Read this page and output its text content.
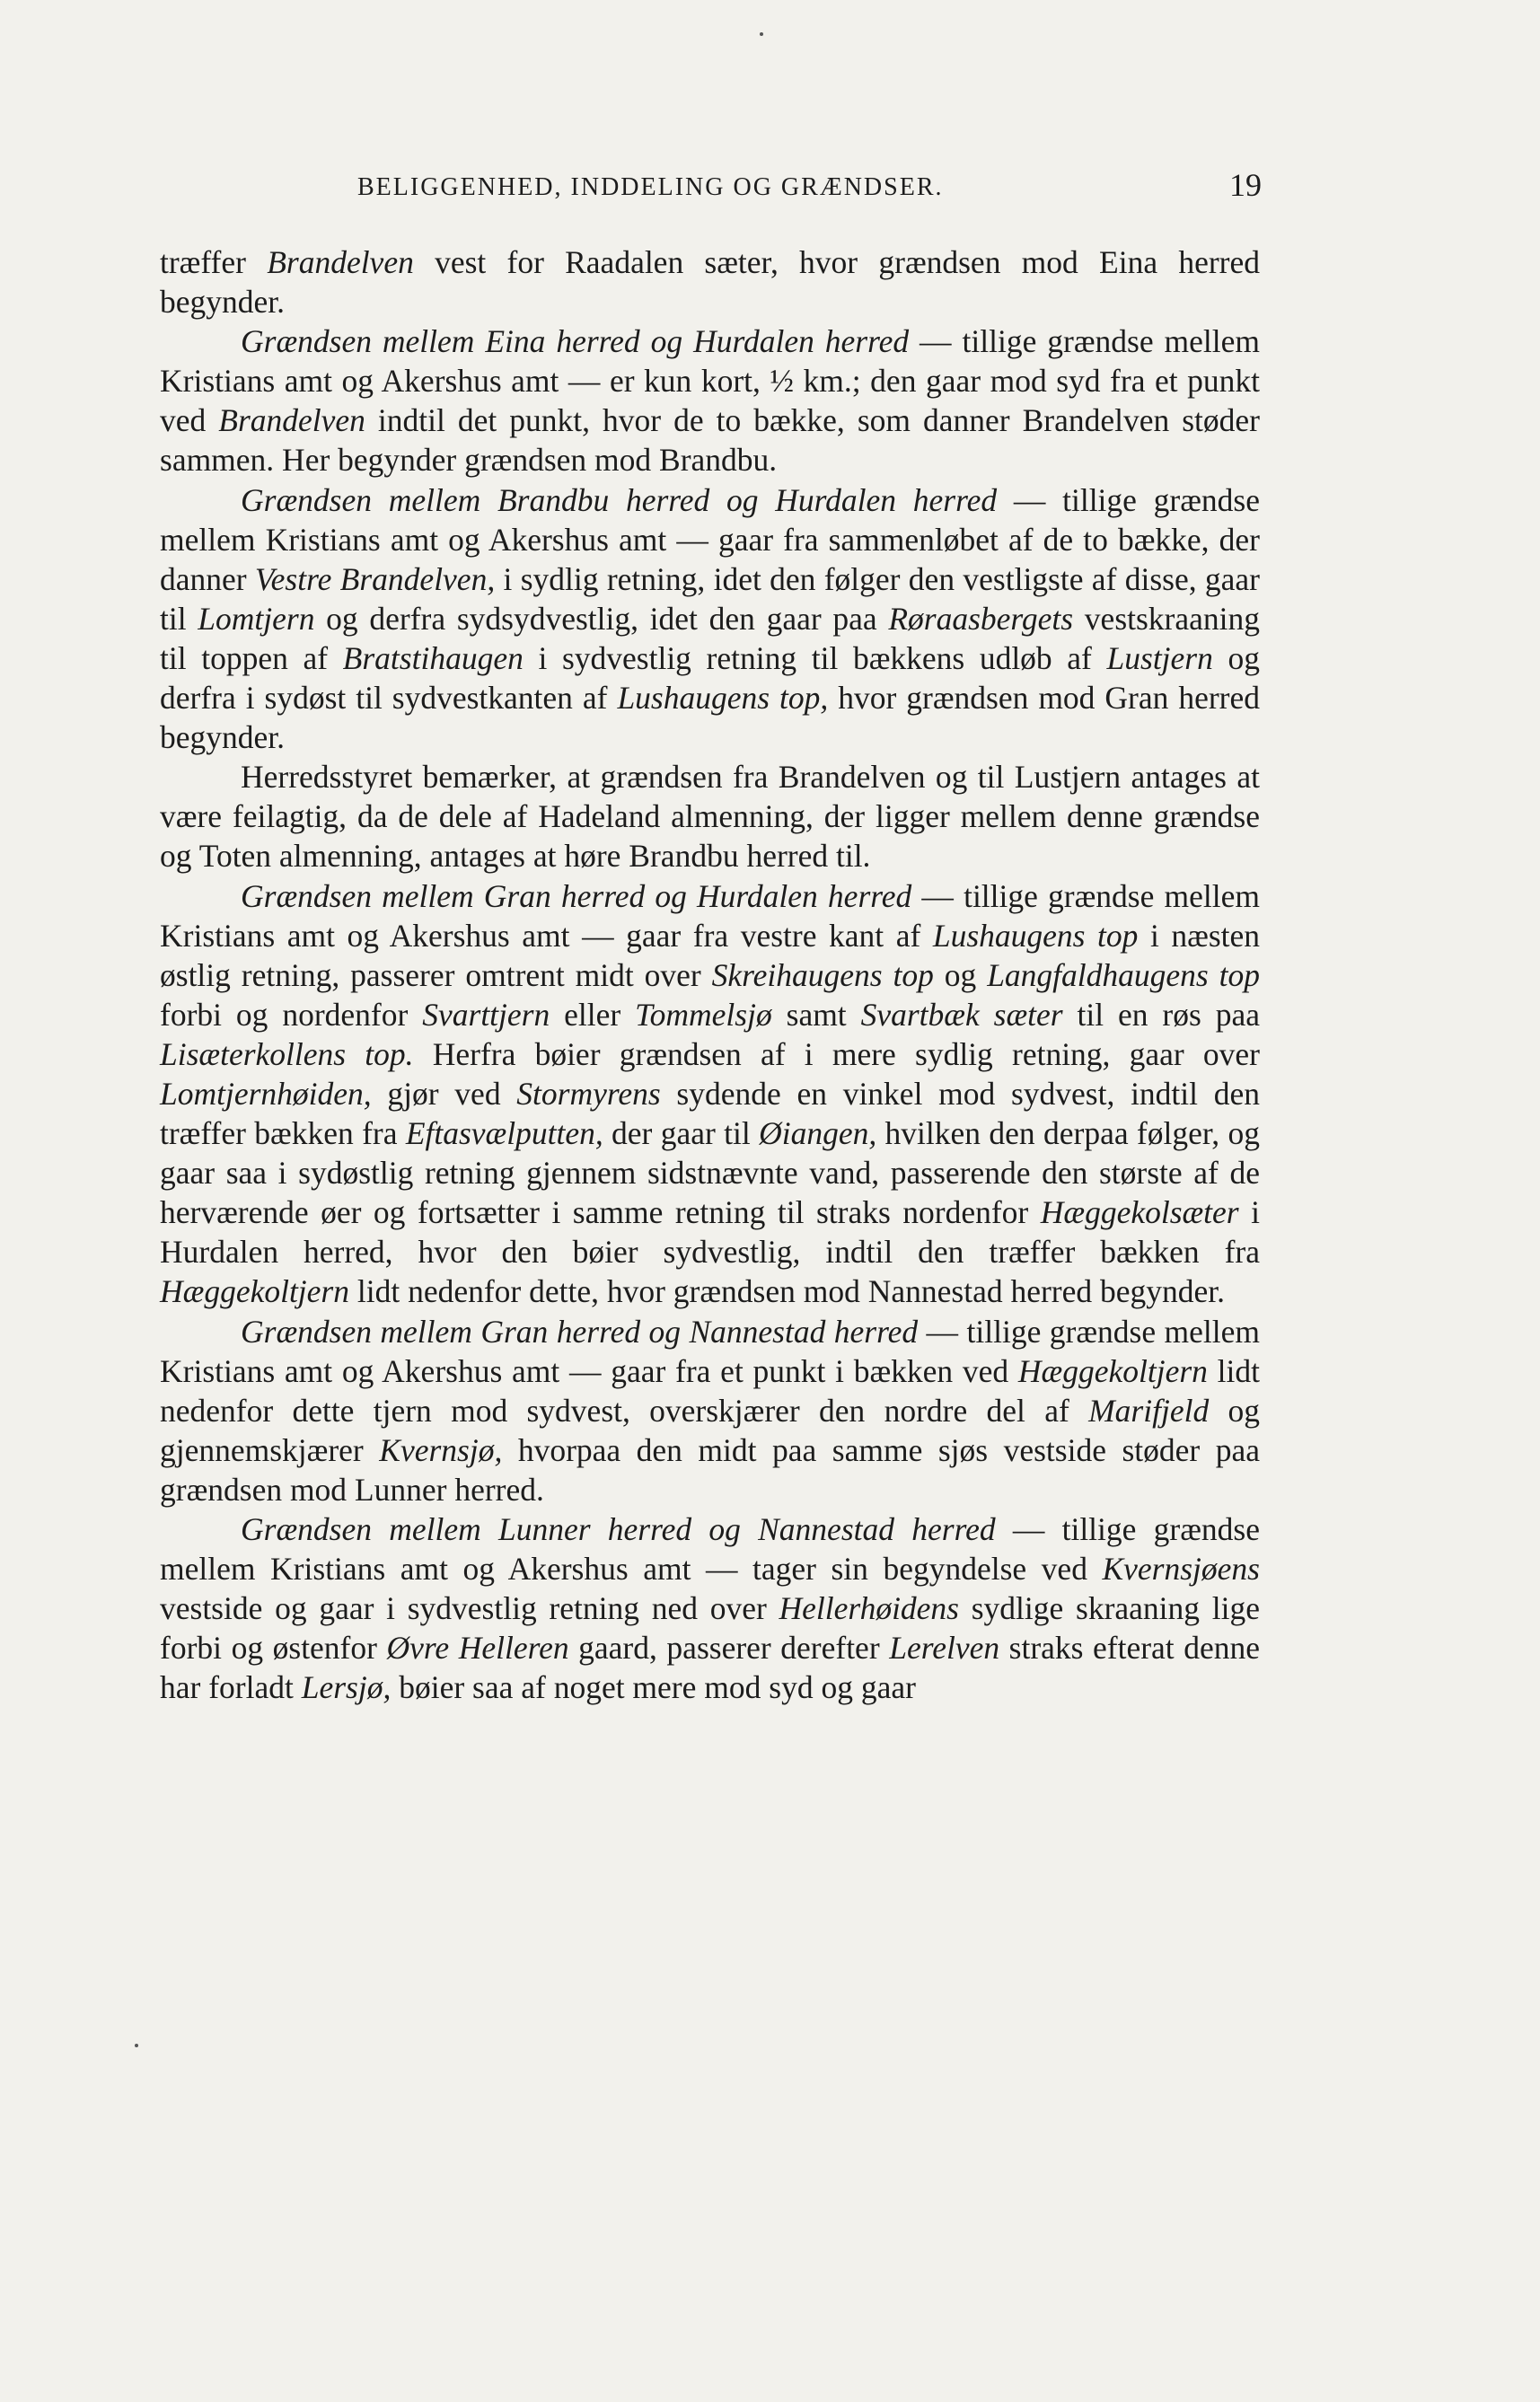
BELIGGENHED, INDDELING OG GRÆNDSER.	19

træffer Brandelven vest for Raadalen sæter, hvor grændsen mod Eina herred begynder.

Grændsen mellem Eina herred og Hurdalen herred — tillige grændse mellem Kristians amt og Akershus amt — er kun kort, ½ km.; den gaar mod syd fra et punkt ved Brandelven indtil det punkt, hvor de to bække, som danner Brandelven støder sammen. Her begynder grændsen mod Brandbu.

Grændsen mellem Brandbu herred og Hurdalen herred — tillige grændse mellem Kristians amt og Akershus amt — gaar fra sammenløbet af de to bække, der danner Vestre Brandelven, i sydlig retning, idet den følger den vestligste af disse, gaar til Lomtjern og derfra sydsydvestlig, idet den gaar paa Røraasbergets vestskraaning til toppen af Bratstihaugen i sydvestlig retning til bækkens udløb af Lustjern og derfra i sydøst til sydvestkanten af Lushaugens top, hvor grændsen mod Gran herred begynder.

Herredsstyret bemærker, at grændsen fra Brandelven og til Lustjern antages at være feilagtig, da de dele af Hadeland almenning, der ligger mellem denne grændse og Toten almenning, antages at høre Brandbu herred til.

Grændsen mellem Gran herred og Hurdalen herred — tillige grændse mellem Kristians amt og Akershus amt — gaar fra vestre kant af Lushaugens top i næsten østlig retning, passerer omtrent midt over Skreihaugens top og Langfaldhaugens top forbi og nordenfor Svarttjern eller Tommelsjø samt Svartbæk sæter til en røs paa Lisæterkollens top. Herfra bøier grændsen af i mere sydlig retning, gaar over Lomtjernhøiden, gjør ved Stormyrens sydende en vinkel mod sydvest, indtil den træffer bækken fra Eftasvælputten, der gaar til Øiangen, hvilken den derpaa følger, og gaar saa i sydøstlig retning gjennem sidstnævnte vand, passerende den største af de herværende øer og fortsætter i samme retning til straks nordenfor Hæggekolsæter i Hurdalen herred, hvor den bøier sydvestlig, indtil den træffer bækken fra Hæggekoltjern lidt nedenfor dette, hvor grændsen mod Nannestad herred begynder.

Grændsen mellem Gran herred og Nannestad herred — tillige grændse mellem Kristians amt og Akershus amt — gaar fra et punkt i bækken ved Hæggekoltjern lidt nedenfor dette tjern mod sydvest, overskjærer den nordre del af Marifjeld og gjennemskjærer Kvernsjø, hvorpaa den midt paa samme sjøs vestside støder paa grændsen mod Lunner herred.

Grændsen mellem Lunner herred og Nannestad herred — tillige grændse mellem Kristians amt og Akershus amt — tager sin begyndelse ved Kvernsjøens vestside og gaar i sydvestlig retning ned over Hellerhøidens sydlige skraaning lige forbi og østenfor Øvre Helleren gaard, passerer derefter Lerelven straks efterat denne har forladt Lersjø, bøier saa af noget mere mod syd og gaar
